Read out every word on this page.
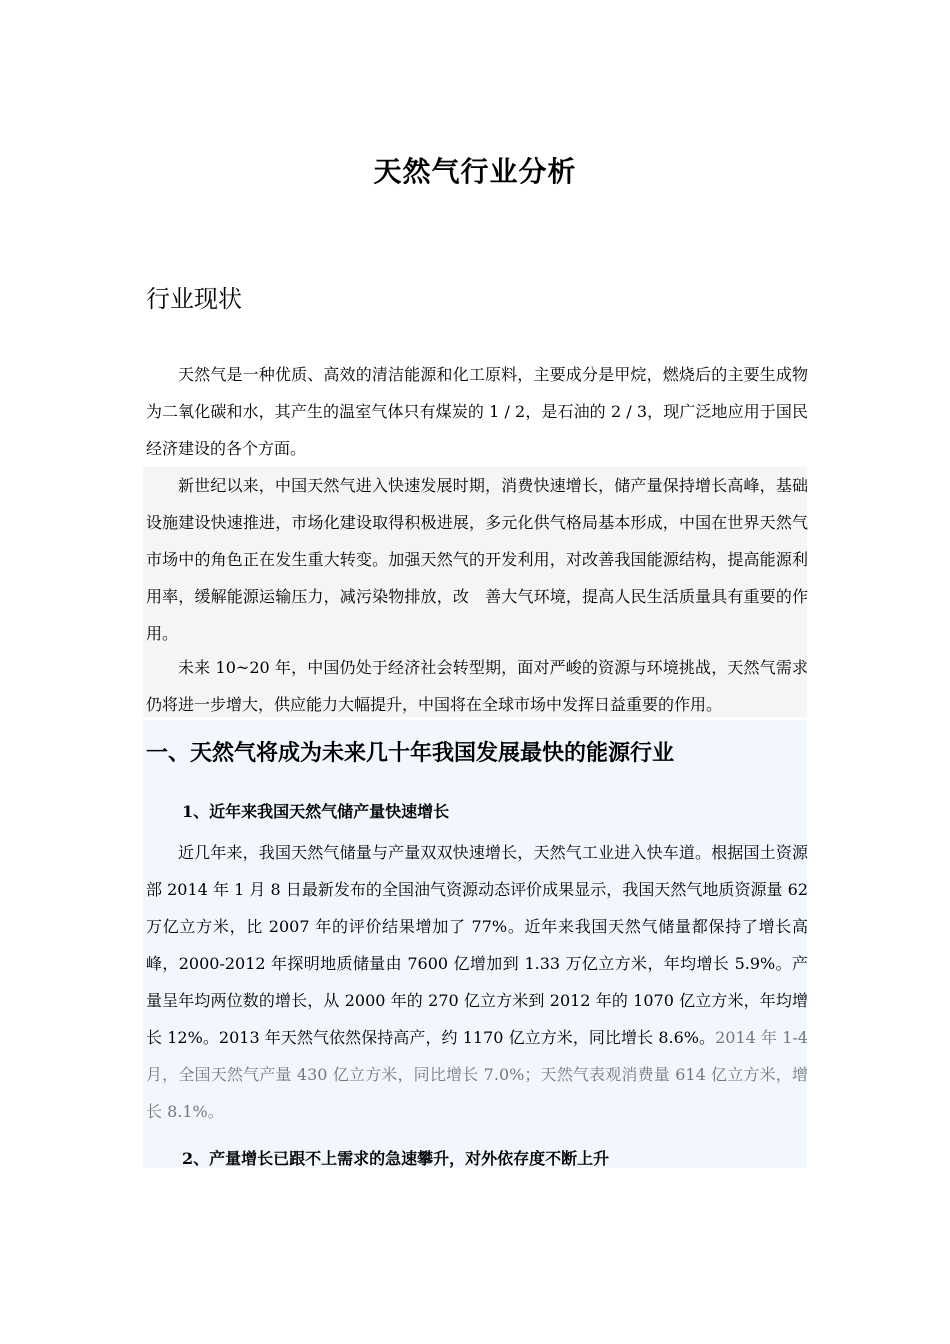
天然气行业分析
行业现状

天然气是一种优质、高效的清洁能源和化工原料，主要成分是甲烷，燃烧后的主要生成物为二氧化碳和水，其产生的温室气体只有煤炭的 1 / 2，是石油的 2 / 3，现广泛地应用于国民经济建设的各个方面。

新世纪以来，中国天然气进入快速发展时期，消费快速增长，储产量保持增长高峰，基础设施建设快速推进，市场化建设取得积极进展，多元化供气格局基本形成，中国在世界天然气市场中的角色正在发生重大转变。加强天然气的开发利用，对改善我国能源结构，提高能源利用率，缓解能源运输压力，减污染物排放，改　善大气环境，提高人民生活质量具有重要的作用。

未来 10~20 年，中国仍处于经济社会转型期，面对严峻的资源与环境挑战，天然气需求仍将进一步增大，供应能力大幅提升，中国将在全球市场中发挥日益重要的作用。

一、天然气将成为未来几十年我国发展最快的能源行业
1、近年来我国天然气储产量快速增长

近几年来，我国天然气储量与产量双双快速增长，天然气工业进入快车道。根据国土资源部 2014 年 1 月 8 日最新发布的全国油气资源动态评价成果显示，我国天然气地质资源量 62 万亿立方米，比 2007 年的评价结果增加了 77%。近年来我国天然气储量都保持了增长高峰，2000-2012 年探明地质储量由 7600 亿增加到 1.33 万亿立方米，年均增长 5.9%。产量呈年均两位数的增长，从 2000 年的 270 亿立方米到 2012 年的 1070 亿立方米，年均增长 12%。2013 年天然气依然保持高产，约 1170 亿立方米，同比增长 8.6%。2014 年 1-4 月，全国天然气产量 430 亿立方米，同比增长 7.0%；天然气表观消费量 614 亿立方米，增长 8.1%。

2、产量增长已跟不上需求的急速攀升，对外依存度不断上升
